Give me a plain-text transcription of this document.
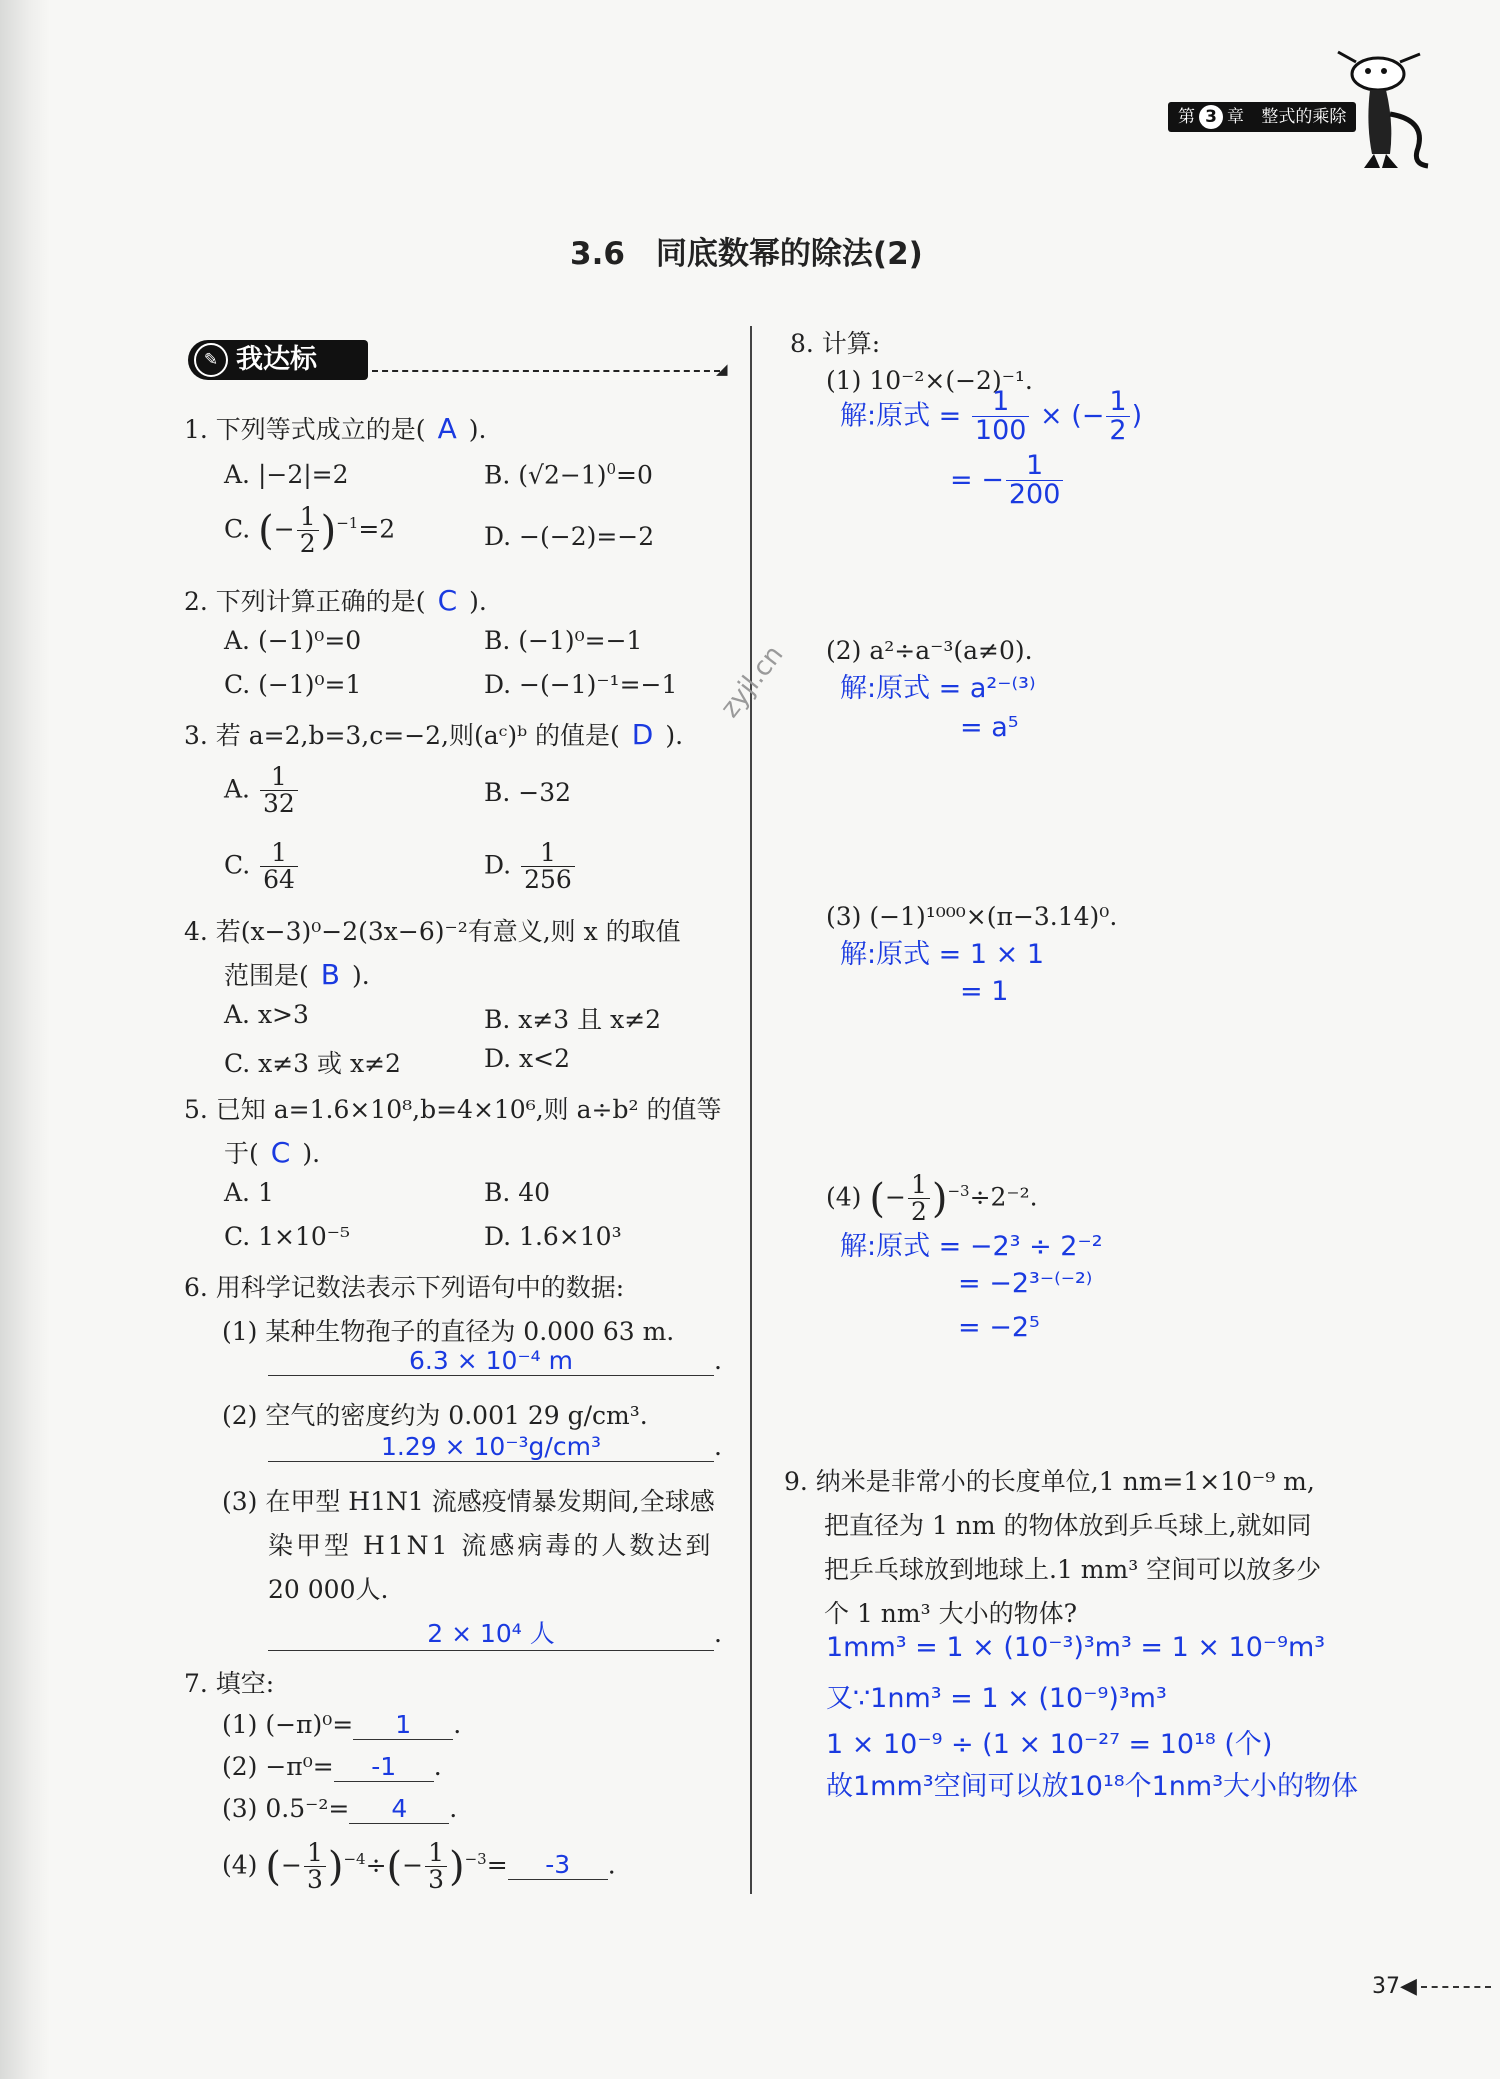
第 3 章 整式的乘除
3.6　同底数幂的除法(2)
✎ 我达标	◢
zyjl.cn
1. 下列等式成立的是( A ).
A. |−2|=2	B. $(√2-1)^0=0$
C. (− $\frac{1}{2} )^{-1}=2$	D. −(−2)=−2
2. 下列计算正确的是( C ).
A. (−1)⁰=0	B. (−1)⁰=−1
C. (−1)⁰=1	D. −(−1)⁻¹=−1
3. 若 a=2,b=3,c=−2,则(aᶜ)ᵇ 的值是( D ).
A. $\frac{1}{32}$	B. −32
C. $\frac{1}{64}$	D. $\frac{1}{256}$
4. 若(x−3)⁰−2(3x−6)⁻²有意义,则 x 的取值
范围是( B ).
A. x>3	B. x≠3 且 x≠2
C. x≠3 或 x≠2	D. x<2
5. 已知 a=1.6×10⁸,b=4×10⁶,则 a÷b² 的值等
于( C ).
A. 1	B. 40
C. 1×10⁻⁵	D. 1.6×10³
6. 用科学记数法表示下列语句中的数据:
(1) 某种生物孢子的直径为 0.000 63 m.
6.3 × 10⁻⁴ m	.
(2) 空气的密度约为 0.001 29 g/cm³.
1.29 × 10⁻³g/cm³	.
(3) 在甲型 H1N1 流感疫情暴发期间,全球感
染甲型 H1N1 流感病毒的人数达到
20 000人.
2 × 10⁴ 人	.
7. 填空:
(1) (−π)⁰= 1 .
(2) −π⁰= -1 .
(3) 0.5⁻²= 4 .
(4) (− $\frac{1}{3} )^{-4}\div(- \frac{1}{3} )^{-3}= -3$ .
8. 计算:
(1) 10⁻²×(−2)⁻¹.
解:原式 = $\frac{1}{100}$ × (− $\frac{1}{2}$ )
= − $\frac{1}{200}$
(2) a²÷a⁻³(a≠0).
解:原式 = a²⁻⁽³⁾
= a⁵
(3) (−1)¹⁰⁰⁰×(π−3.14)⁰.
解:原式 = 1 × 1
= 1
(4) (− $\frac{1}{2} )^{-3}\div 2^{-2}$.
解:原式 = −2³ ÷ 2⁻²
= −2³⁻⁽⁻²⁾
= −2⁵
9. 纳米是非常小的长度单位,1 nm=1×10⁻⁹ m,
把直径为 1 nm 的物体放到乒乓球上,就如同
把乒乓球放到地球上.1 mm³ 空间可以放多少
个 1 nm³ 大小的物体?
1mm³ = 1 × (10⁻³)³m³ = 1 × 10⁻⁹m³
又∵1nm³ = 1 × (10⁻⁹)³m³
1 × 10⁻⁹ ÷ (1 × 10⁻²⁷ = 10¹⁸ (个)
故1mm³空间可以放10¹⁸个1nm³大小的物体
37◀
